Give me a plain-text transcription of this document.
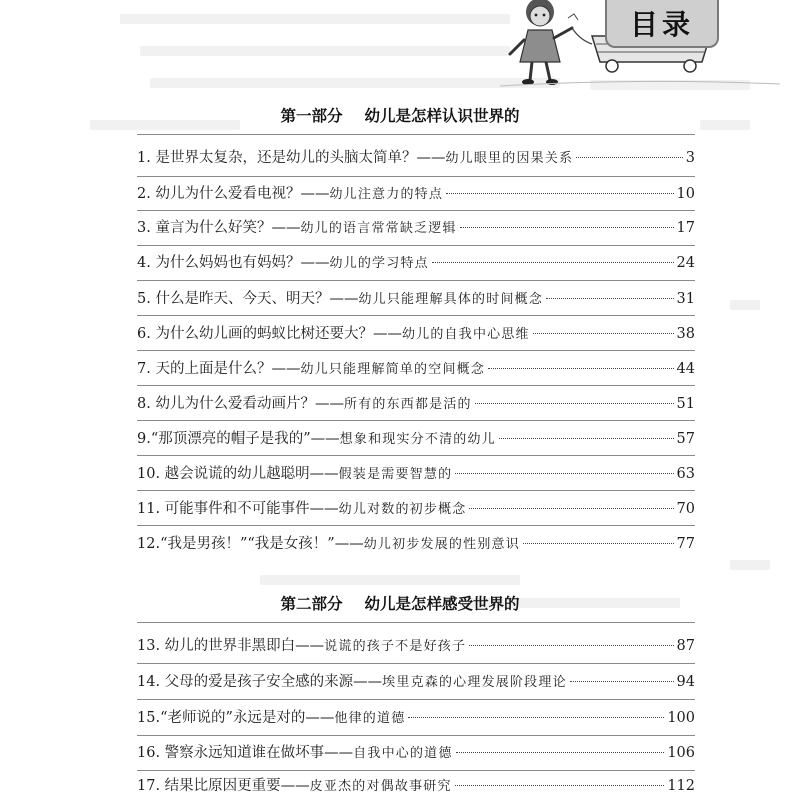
目录
第一部分 幼儿是怎样认识世界的
1. 是世界太复杂，还是幼儿的头脑太简单？——幼儿眼里的因果关系	3
2. 幼儿为什么爱看电视？——幼儿注意力的特点	10
3. 童言为什么好笑？——幼儿的语言常常缺乏逻辑	17
4. 为什么妈妈也有妈妈？——幼儿的学习特点	24
5. 什么是昨天、今天、明天？——幼儿只能理解具体的时间概念	31
6. 为什么幼儿画的蚂蚁比树还要大？——幼儿的自我中心思维	38
7. 天的上面是什么？——幼儿只能理解简单的空间概念	44
8. 幼儿为什么爱看动画片？——所有的东西都是活的	51
9.“那顶漂亮的帽子是我的”——想象和现实分不清的幼儿	57
10. 越会说谎的幼儿越聪明——假装是需要智慧的	63
11. 可能事件和不可能事件——幼儿对数的初步概念	70
12.“我是男孩！”“我是女孩！”——幼儿初步发展的性别意识	77
第二部分 幼儿是怎样感受世界的
13. 幼儿的世界非黑即白——说谎的孩子不是好孩子	87
14. 父母的爱是孩子安全感的来源——埃里克森的心理发展阶段理论	94
15.“老师说的”永远是对的——他律的道德	100
16. 警察永远知道谁在做坏事——自我中心的道德	106
17. 结果比原因更重要——皮亚杰的对偶故事研究	112
